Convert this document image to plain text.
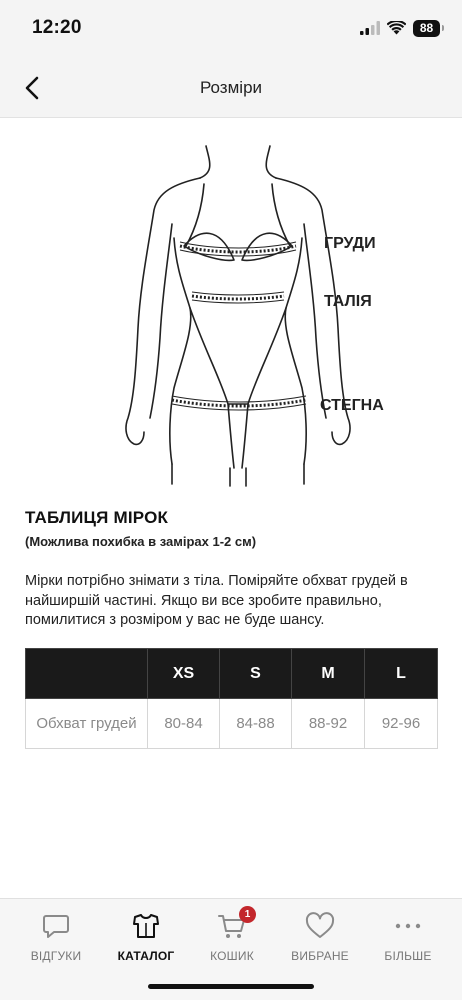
12:20	88
Розміри
ГРУДИ
ТАЛІЯ
СТЕГНА
ТАБЛИЦЯ МІРОК
(Можлива похибка в замірах 1-2 см)
Мірки потрібно знімати з тіла. Поміряйте обхват грудей в найширшій частині. Якщо ви все зробите правильно, помилитися з розміром у вас не буде шансу.
	XS	S	M	L
Обхват грудей	80-84	84-88	88-92	92-96
ВІДГУКИ	КАТАЛОГ
1
КОШИК	ВИБРАНЕ	БІЛЬШЕ
